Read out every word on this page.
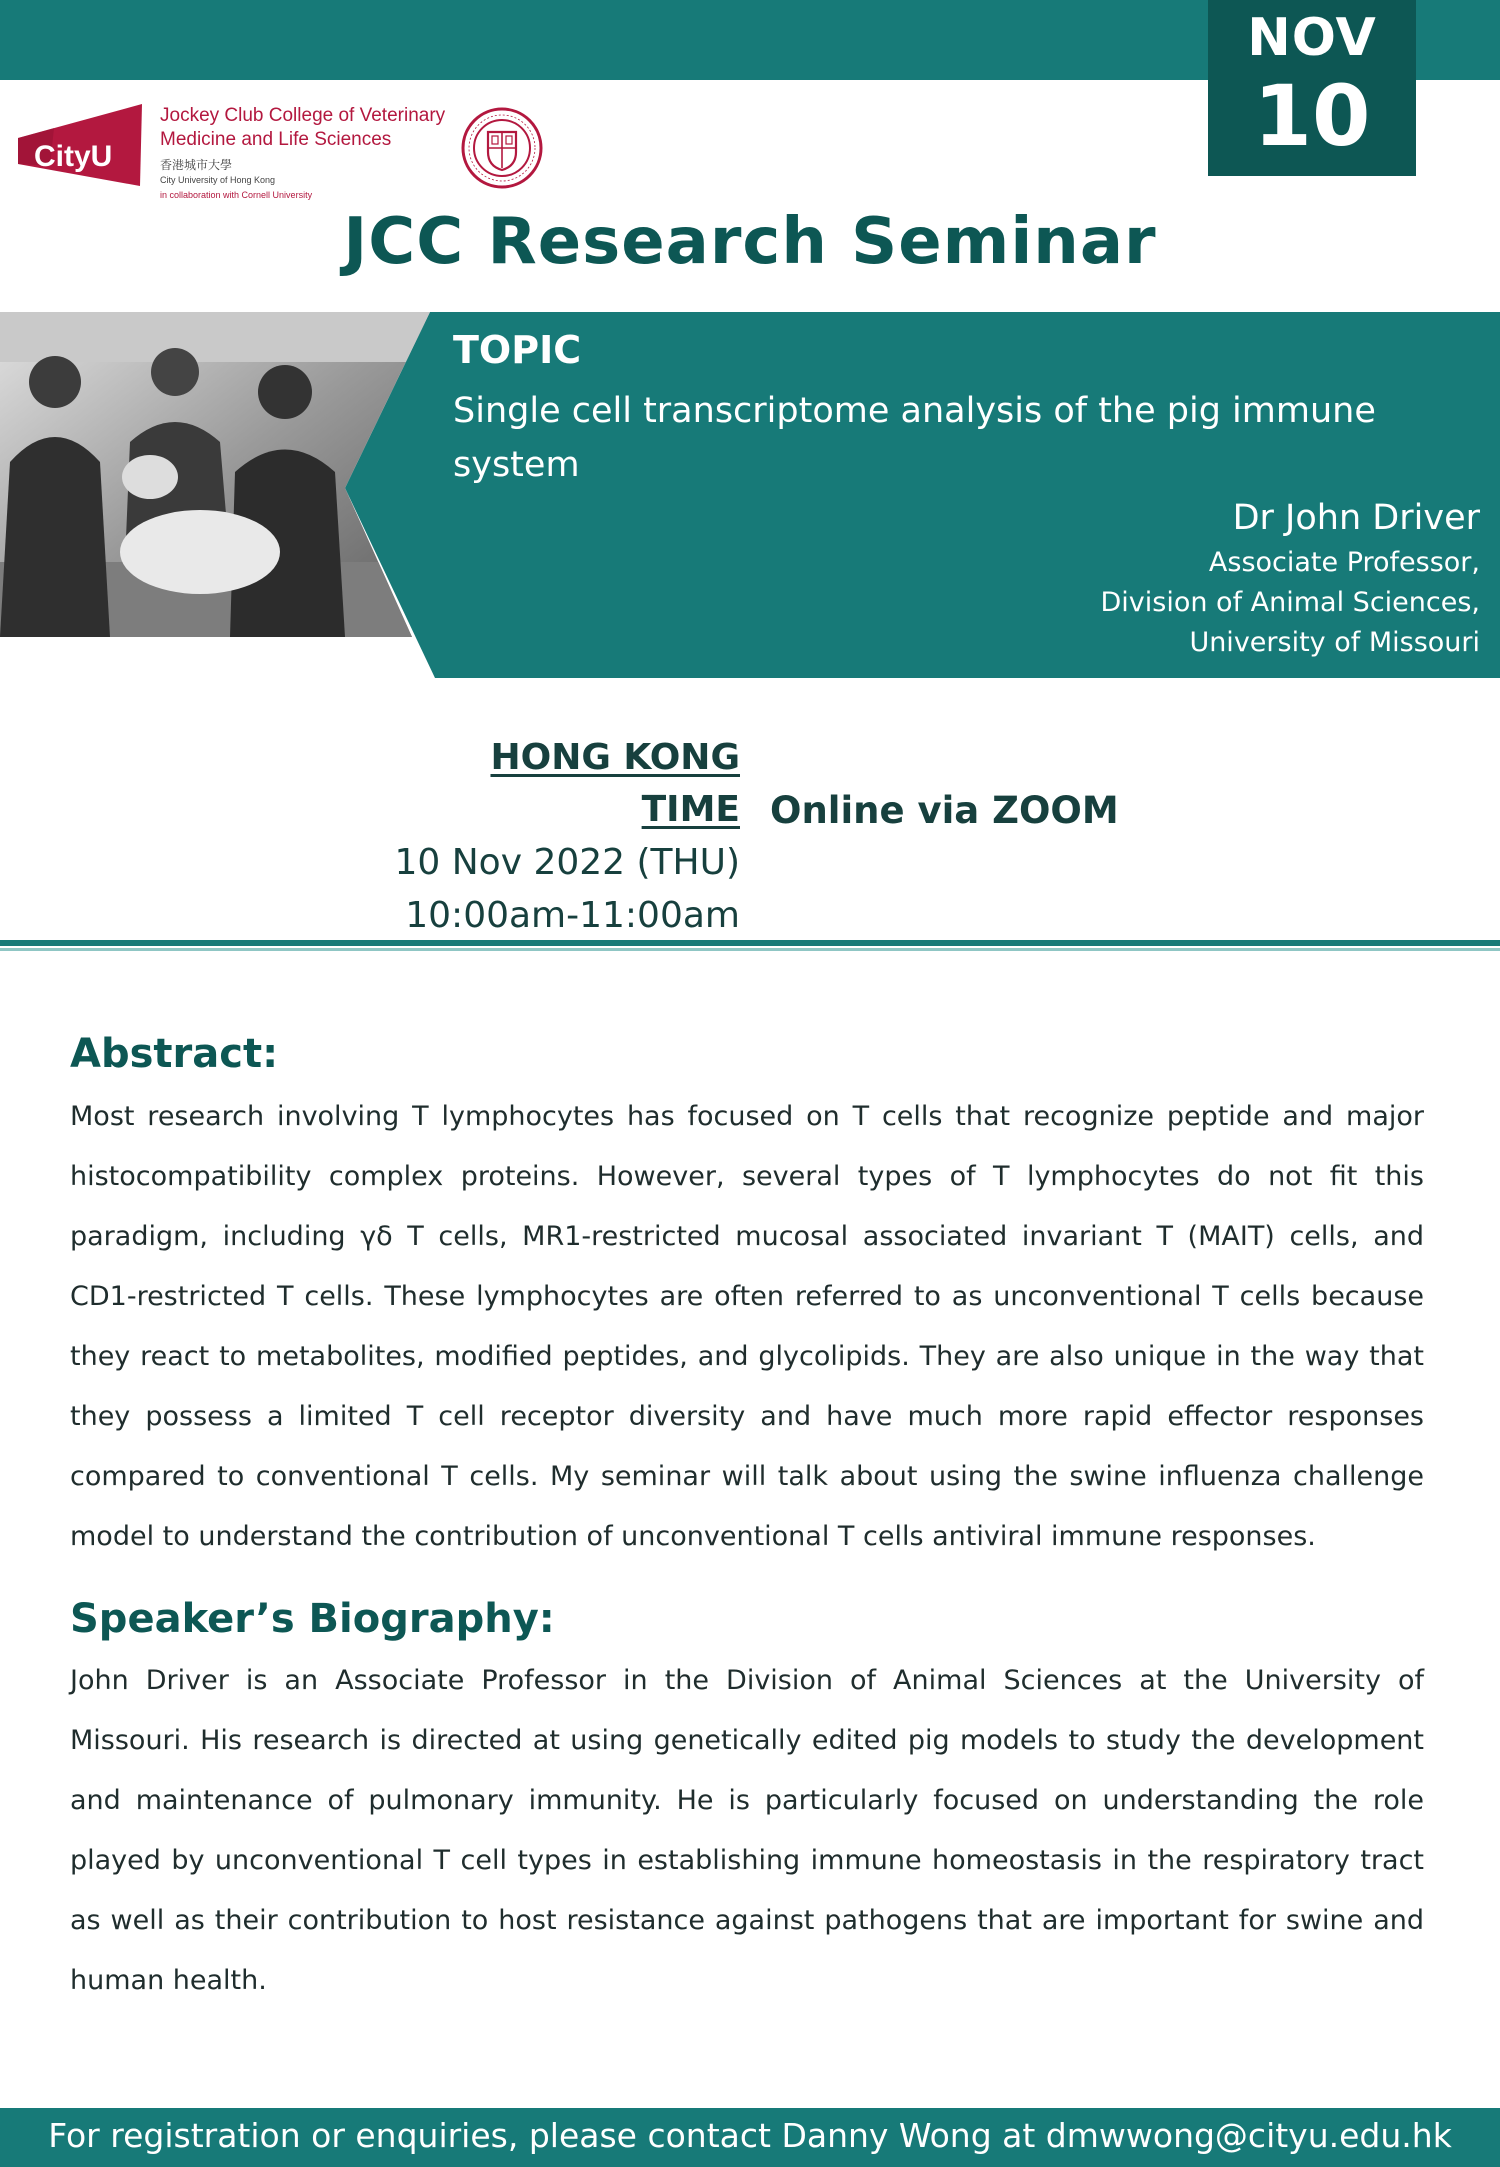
NOV
10
CityU
Jockey Club College of Veterinary
Medicine and Life Sciences
香港城市大學
City University of Hong Kong
in collaboration with Cornell University
JCC Research Seminar
TOPIC
Single cell transcriptome analysis of the pig immune system
Dr John Driver
Associate Professor,
Division of Animal Sciences,
University of Missouri
HONG KONG TIME
10 Nov 2022 (THU)
10:00am-11:00am
Online via ZOOM
Abstract:

Most research involving T lymphocytes has focused on T cells that recognize peptide and major histocompatibility complex proteins. However, several types of T lymphocytes do not fit this paradigm, including γδ T cells, MR1-restricted mucosal associated invariant T (MAIT) cells, and CD1-restricted T cells. These lymphocytes are often referred to as unconventional T cells because they react to metabolites, modified peptides, and glycolipids. They are also unique in the way that they possess a limited T cell receptor diversity and have much more rapid effector responses compared to conventional T cells. My seminar will talk about using the swine influenza challenge model to understand the contribution of unconventional T cells antiviral immune responses.

Speaker’s Biography:

John Driver is an Associate Professor in the Division of Animal Sciences at the University of Missouri. His research is directed at using genetically edited pig models to study the development and maintenance of pulmonary immunity. He is particularly focused on understanding the role played by unconventional T cell types in establishing immune homeostasis in the respiratory tract as well as their contribution to host resistance against pathogens that are important for swine and human health.

For registration or enquiries, please contact Danny Wong at dmwwong@cityu.edu.hk
